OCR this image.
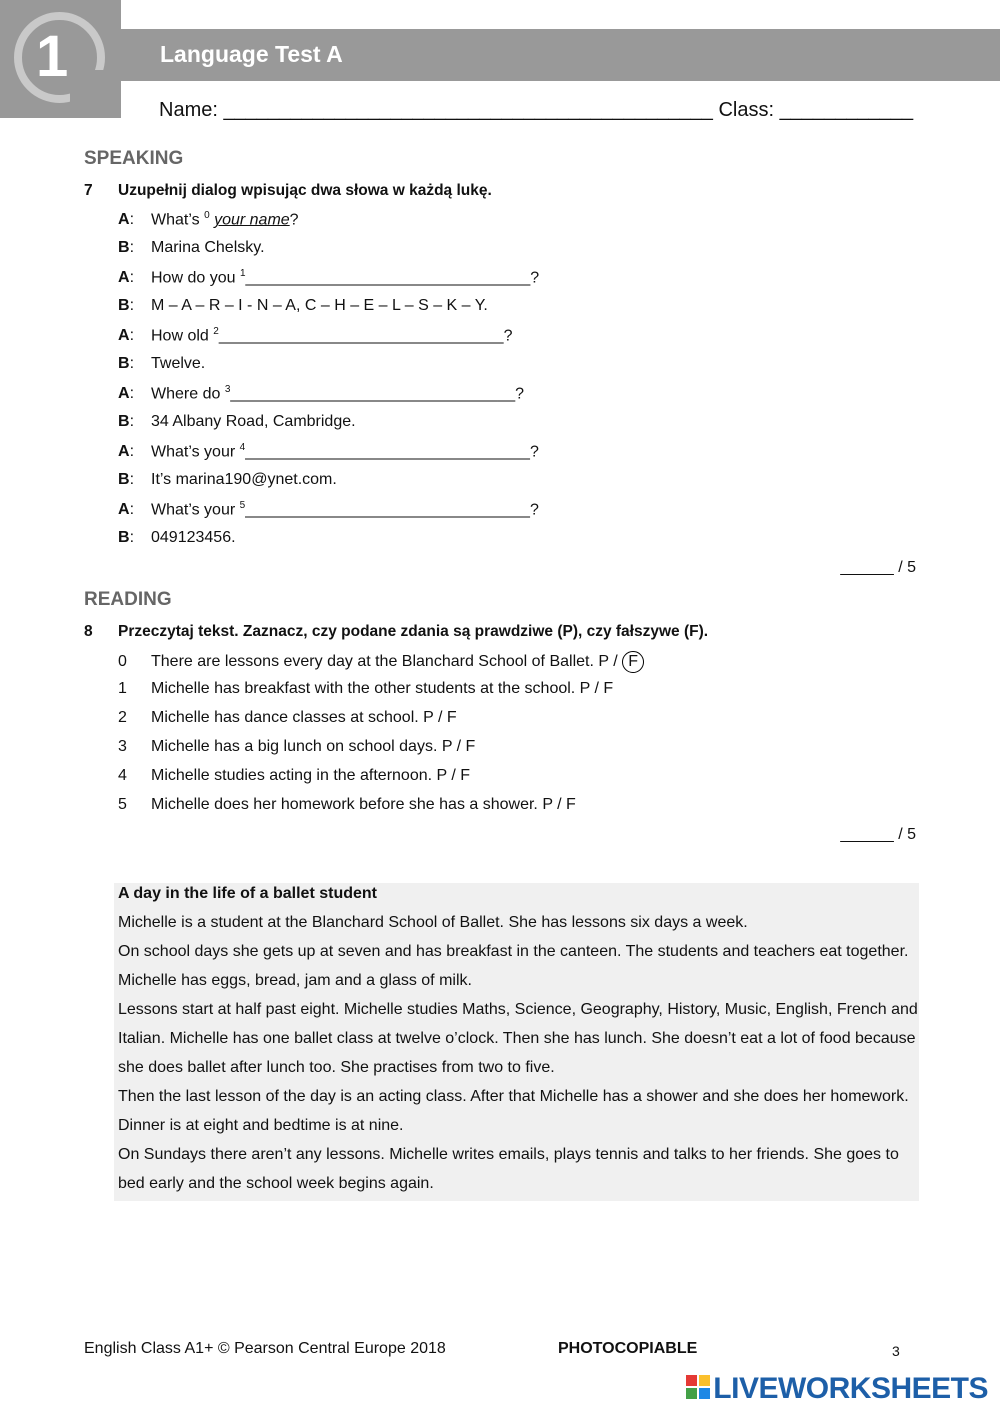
1	Language Test A
Name: ____________________________________________ Class: ____________
SPEAKING
7 Uzupełnij dialog wpisując dwa słowa w każdą lukę.
A: What’s $^0$ your name?
B: Marina Chelsky.
A: How do you $^1$________________________________?
B: M – A – R – I - N – A, C – H – E – L – S – K – Y.
A: How old $^2$________________________________?
B: Twelve.
A: Where do $^3$________________________________?
B: 34 Albany Road, Cambridge.
A: What’s your $^4$________________________________?
B: It’s marina190@ynet.com.
A: What’s your $^5$________________________________?
B: 049123456.
______ / 5
READING
8 Przeczytaj tekst. Zaznacz, czy podane zdania są prawdziwe (P), czy fałszywe (F).
0 There are lessons every day at the Blanchard School of Ballet. P / F
1 Michelle has breakfast with the other students at the school. P / F
2 Michelle has dance classes at school. P / F
3 Michelle has a big lunch on school days. P / F
4 Michelle studies acting in the afternoon. P / F
5 Michelle does her homework before she has a shower. P / F
______ / 5

A day in the life of a ballet student

Michelle is a student at the Blanchard School of Ballet. She has lessons six days a week.

On school days she gets up at seven and has breakfast in the canteen. The students and teachers eat together. Michelle has eggs, bread, jam and a glass of milk.

Lessons start at half past eight. Michelle studies Maths, Science, Geography, History, Music, English, French and Italian. Michelle has one ballet class at twelve o’clock. Then she has lunch. She doesn’t eat a lot of food because she does ballet after lunch too. She practises from two to five.

Then the last lesson of the day is an acting class. After that Michelle has a shower and she does her homework. Dinner is at eight and bedtime is at nine.

On Sundays there aren’t any lessons. Michelle writes emails, plays tennis and talks to her friends. She goes to bed early and the school week begins again.

English Class A1+ © Pearson Central Europe 2018	PHOTOCOPIABLE	3
LIVEWORKSHEETS
